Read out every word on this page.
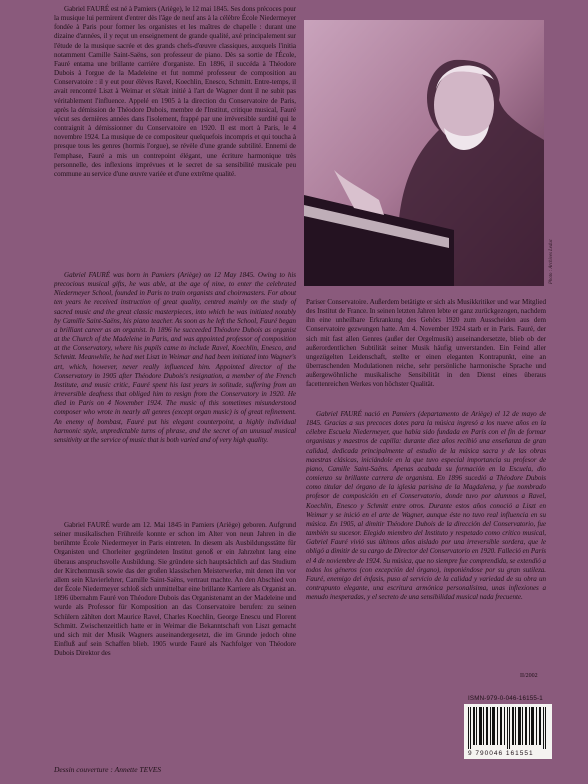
Gabriel FAURÉ est né à Pamiers (Ariège), le 12 mai 1845. Ses dons précoces pour la musique lui permirent d'entrer dès l'âge de neuf ans à la célèbre École Niedermeyer fondée à Paris pour former les organistes et les maîtres de chapelle : durant une dizaine d'années, il y reçut un enseignement de grande qualité, axé principalement sur l'étude de la musique sacrée et des grands chefs-d'œuvre classiques, auxquels l'initia notamment Camille Saint-Saëns, son professeur de piano. Dès sa sortie de l'École, Fauré entama une brillante carrière d'organiste. En 1896, il succéda à Théodore Dubois à l'orgue de la Madeleine et fut nommé professeur de composition au Conservatoire : il y eut pour élèves Ravel, Koechlin, Enesco, Schmitt. Entre-temps, il avait rencontré Liszt à Weimar et s'était initié à l'art de Wagner dont il ne subit pas véritablement l'influence. Appelé en 1905 à la direction du Conservatoire de Paris, après la démission de Théodore Dubois, membre de l'Institut, critique musical, Fauré vécut ses dernières années dans l'isolement, frappé par une irréversible surdité qui le contraignit à démissionner du Conservatoire en 1920. Il est mort à Paris, le 4 novembre 1924. La musique de ce compositeur quelquefois incompris et qui toucha à presque tous les genres (hormis l'orgue), se révèle d'une grande subtilité. Ennemi de l'emphase, Fauré a mis un contrepoint élégant, une écriture harmonique très personnelle, des inflexions imprévues et le secret de sa sensibilité musicale peu commune au service d'une œuvre variée et d'une extrême qualité.

Gabriel FAURÉ was born in Pamiers (Ariège) on 12 May 1845. Owing to his precocious musical gifts, he was able, at the age of nine, to enter the celebrated Niedermeyer School, founded in Paris to train organists and choirmasters. For about ten years he received instruction of great quality, centred mainly on the study of sacred music and the great classic masterpieces, into which he was initiated notably by Camille Saint-Saëns, his piano teacher. As soon as he left the School, Fauré began a brilliant career as an organist. In 1896 he succeeded Théodore Dubois as organist at the Church of the Madeleine in Paris, and was appointed professor of composition at the Conservatory, where his pupils came to include Ravel, Koechlin, Enesco, and Schmitt. Meanwhile, he had met Liszt in Weimar and had been initiated into Wagner's art, which, however, never really influenced him. Appointed director of the Conservatory in 1905 after Théodore Dubois's resignation, a member of the French Institute, and music critic, Fauré spent his last years in solitude, suffering from an irreversible deafness that obliged him to resign from the Conservatory in 1920. He died in Paris on 4 November 1924. The music of this sometimes misunderstood composer who wrote in nearly all genres (except organ music) is of great refinement. An enemy of bombast, Fauré put his elegant counterpoint, a highly individual harmonic style, unpredictable turns of phrase, and the secret of an unusual musical sensitivity at the service of music that is both varied and of very high quality.

Gabriel FAURÉ wurde am 12. Mai 1845 in Pamiers (Ariège) geboren. Aufgrund seiner musikalischen Frühreife konnte er schon im Alter von neun Jahren in die berühmte École Niedermeyer in Paris eintreten. In diesem als Ausbildungsstätte für Organisten und Chorleiter gegründeten Institut genoß er ein Jahrzehnt lang eine überaus anspruchsvolle Ausbildung. Sie gründete sich hauptsächlich auf das Studium der Kirchenmusik sowie das der großen klassischen Meisterwerke, mit denen ihn vor allem sein Klavierlehrer, Camille Saint-Saëns, vertraut machte. An den Abschied von der École Niedermeyer schloß sich unmittelbar eine brillante Karriere als Organist an. 1896 übernahm Fauré von Théodore Dubois das Organistenamt an der Madeleine und wurde als Professor für Komposition an das Conservatoire berufen: zu seinen Schülern zählten dort Maurice Ravel, Charles Koechlin, George Enescu und Florent Schmitt. Zwischenzeitlich hatte er in Weimar die Bekanntschaft von Liszt gemacht und sich mit der Musik Wagners auseinandergesetzt, die im Grunde jedoch ohne Einfluß auf sein Schaffen blieb. 1905 wurde Fauré als Nachfolger von Théodore Dubois Direktor des

Photo : Archives Leduc

Pariser Conservatoire. Außerdem betätigte er sich als Musikkritiker und war Mitglied des Institut de France. In seinen letzten Jahren lebte er ganz zurückgezogen, nachdem ihn eine unheilbare Erkrankung des Gehörs 1920 zum Ausscheiden aus dem Conservatoire gezwungen hatte. Am 4. November 1924 starb er in Paris. Fauré, der sich mit fast allen Genres (außer der Orgelmusik) auseinandersetzte, blieb ob der außerordentlichen Subtilität seiner Musik häufig unverstanden. Ein Feind aller ungezügelten Leidenschaft, stellte er einen eleganten Kontrapunkt, eine an überraschenden Modulationen reiche, sehr persönliche harmonische Sprache und außergewöhnliche musikalische Sensibilität in den Dienst eines überaus facettenreichen Werkes von höchster Qualität.

Gabriel FAURÉ nació en Pamiers (departamento de Ariège) el 12 de mayo de 1845. Gracias a sus precoces dotes para la música ingresó a los nueve años en la célebre Escuela Niedermeyer, que había sido fundada en París con el fin de formar organistas y maestros de capilla: durante diez años recibió una enseñanza de gran calidad, dedicada principalmente al estudio de la música sacra y de las obras maestras clásicas, iniciándole en la que tuvo especial importancia su profesor de piano, Camille Saint-Saëns. Apenas acabada su formación en la Escuela, dio comienzo su brillante carrera de organista. En 1896 sucedió a Théodore Dubois como titular del órgano de la iglesia parisina de la Magdalena, y fue nombrado profesor de composición en el Conservatorio, donde tuvo por alumnos a Ravel, Koechlin, Enesco y Schmitt entre otros. Durante estos años conoció a Liszt en Weimar y se inició en el arte de Wagner, aunque éste no tuvo real influencia en su música. En 1905, al dimitir Théodore Dubois de la dirección del Conservatorio, fue también su sucesor. Elegido miembro del Instituto y respetado como crítico musical, Gabriel Fauré vivió sus últimos años aislado por una irreversible sordera, que le obligó a dimitir de su cargo de Director del Conservatorio en 1920. Falleció en París el 4 de noviembre de 1924. Su música, que no siempre fue comprendida, se extendió a todos los géneros (con excepción del órgano), imponiéndose por su gran sutileza. Fauré, enemigo del énfasis, puso al servicio de la calidad y variedad de su obra un contrapunto elegante, una escritura armónica personalísima, unas inflexiones a menudo inesperadas, y el secreto de una sensibilidad musical nada frecuente.

II/2002
ISMN-979-0-046-16155-1
9 790046 161551
Dessin couverture : Annette TEVES
